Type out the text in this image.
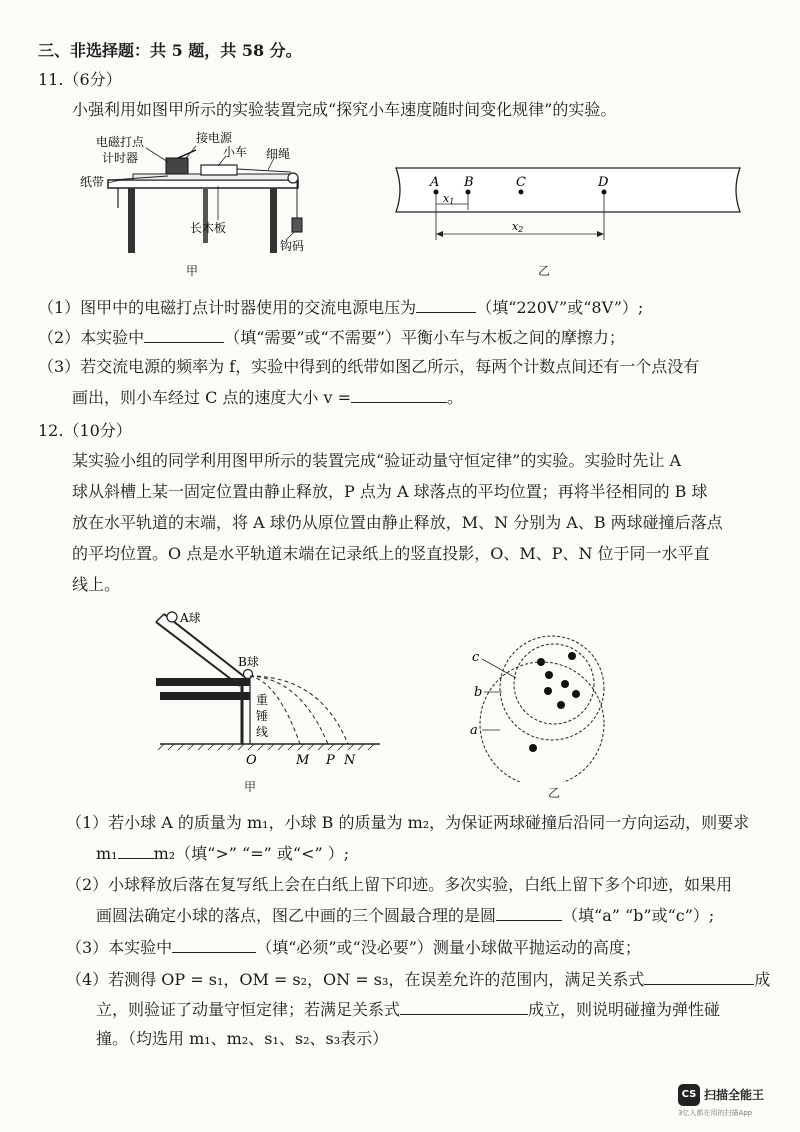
三、非选择题：共 5 题，共 58 分。
11.（6分）
小强利用如图甲所示的实验装置完成“探究小车速度随时间变化规律”的实验。
电磁打点
计时器
接电源
小车 细绳
纸带
长木板
钩码
甲
A B	C	D
x1
x2
乙
（1）图甲中的电磁打点计时器使用的交流电源电压为	（填“220V”或“8V”）;
（2）本实验中	（填“需要”或“不需要”）平衡小车与木板之间的摩擦力；
（3）若交流电源的频率为 f，实验中得到的纸带如图乙所示，每两个计数点间还有一个点没有
画出，则小车经过 C 点的速度大小 v =	。
12.（10分）
某实验小组的同学利用图甲所示的装置完成“验证动量守恒定律”的实验。实验时先让 A
球从斜槽上某一固定位置由静止释放，P 点为 A 球落点的平均位置；再将半径相同的 B 球
放在水平轨道的末端，将 A 球仍从原位置由静止释放，M、N 分别为 A、B 两球碰撞后落点
的平均位置。O 点是水平轨道末端在记录纸上的竖直投影，O、M、P、N 位于同一水平直
线上。
A球
B球
重
锤
线
O	M P N
甲
c
b
a
乙
（1）若小球 A 的质量为 m₁，小球 B 的质量为 m₂，为保证两球碰撞后沿同一方向运动，则要求
m₁ m₂（填“>” “=” 或“<” ）;
（2）小球释放后落在复写纸上会在白纸上留下印迹。多次实验，白纸上留下多个印迹，如果用
画圆法确定小球的落点，图乙中画的三个圆最合理的是圆	（填“a” “b”或“c”）;
（3）本实验中	（填“必须”或“没必要”）测量小球做平抛运动的高度；
（4）若测得 OP = s₁，OM = s₂，ON = s₃，在误差允许的范围内，满足关系式	成
立，则验证了动量守恒定律；若满足关系式	成立，则说明碰撞为弹性碰
撞。（均选用 m₁、m₂、s₁、s₂、s₃表示）
CS 扫描全能王
3亿人都在用的扫描App
